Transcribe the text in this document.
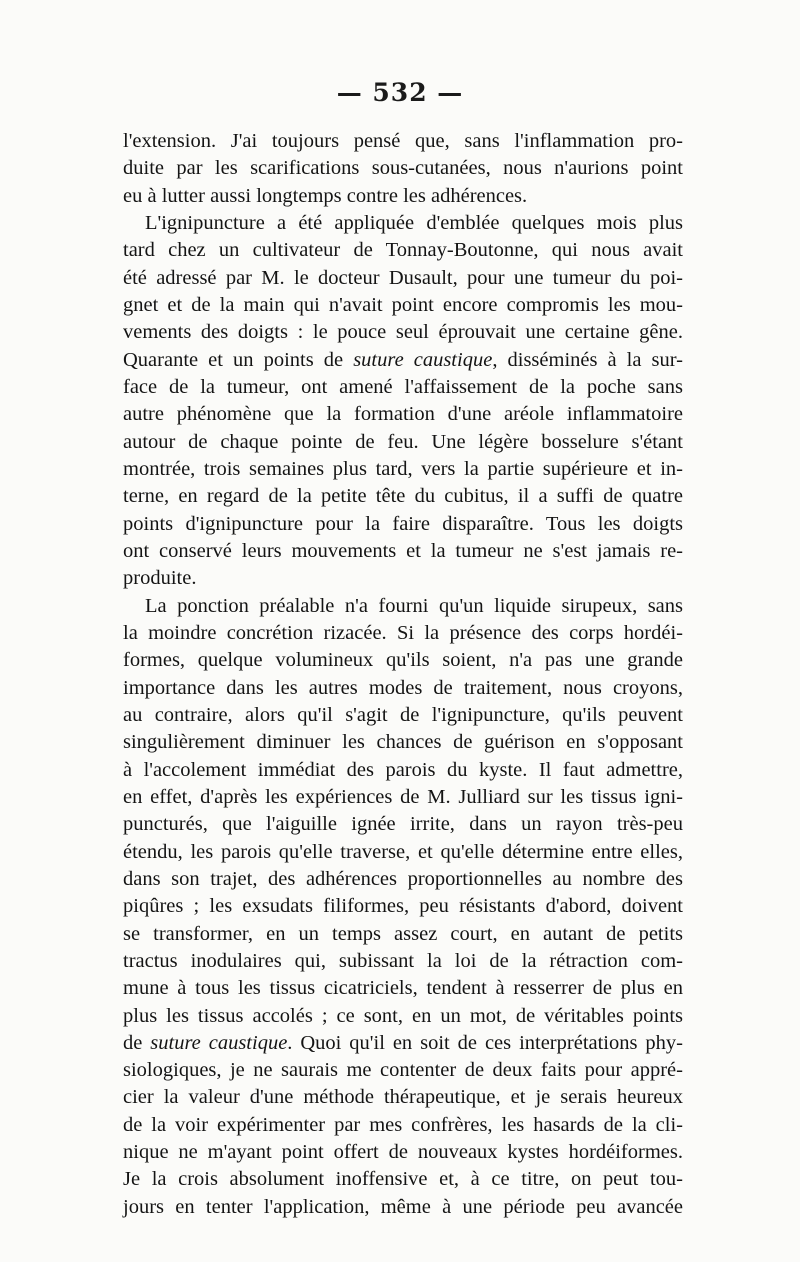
— 532 —
l'extension. J'ai toujours pensé que, sans l'inflammation pro-
duite par les scarifications sous-cutanées, nous n'aurions point
eu à lutter aussi longtemps contre les adhérences.
L'ignipuncture a été appliquée d'emblée quelques mois plus
tard chez un cultivateur de Tonnay-Boutonne, qui nous avait
été adressé par M. le docteur Dusault, pour une tumeur du poi-
gnet et de la main qui n'avait point encore compromis les mou-
vements des doigts : le pouce seul éprouvait une certaine gêne.
Quarante et un points de suture caustique, disséminés à la sur-
face de la tumeur, ont amené l'affaissement de la poche sans
autre phénomène que la formation d'une aréole inflammatoire
autour de chaque pointe de feu. Une légère bosselure s'étant
montrée, trois semaines plus tard, vers la partie supérieure et in-
terne, en regard de la petite tête du cubitus, il a suffi de quatre
points d'ignipuncture pour la faire disparaître. Tous les doigts
ont conservé leurs mouvements et la tumeur ne s'est jamais re-
produite.
La ponction préalable n'a fourni qu'un liquide sirupeux, sans
la moindre concrétion rizacée. Si la présence des corps hordéi-
formes, quelque volumineux qu'ils soient, n'a pas une grande
importance dans les autres modes de traitement, nous croyons,
au contraire, alors qu'il s'agit de l'ignipuncture, qu'ils peuvent
singulièrement diminuer les chances de guérison en s'opposant
à l'accolement immédiat des parois du kyste. Il faut admettre,
en effet, d'après les expériences de M. Julliard sur les tissus igni-
puncturés, que l'aiguille ignée irrite, dans un rayon très-peu
étendu, les parois qu'elle traverse, et qu'elle détermine entre elles,
dans son trajet, des adhérences proportionnelles au nombre des
piqûres ; les exsudats filiformes, peu résistants d'abord, doivent
se transformer, en un temps assez court, en autant de petits
tractus inodulaires qui, subissant la loi de la rétraction com-
mune à tous les tissus cicatriciels, tendent à resserrer de plus en
plus les tissus accolés ; ce sont, en un mot, de véritables points
de suture caustique. Quoi qu'il en soit de ces interprétations phy-
siologiques, je ne saurais me contenter de deux faits pour appré-
cier la valeur d'une méthode thérapeutique, et je serais heureux
de la voir expérimenter par mes confrères, les hasards de la cli-
nique ne m'ayant point offert de nouveaux kystes hordéiformes.
Je la crois absolument inoffensive et, à ce titre, on peut tou-
jours en tenter l'application, même à une période peu avancée
